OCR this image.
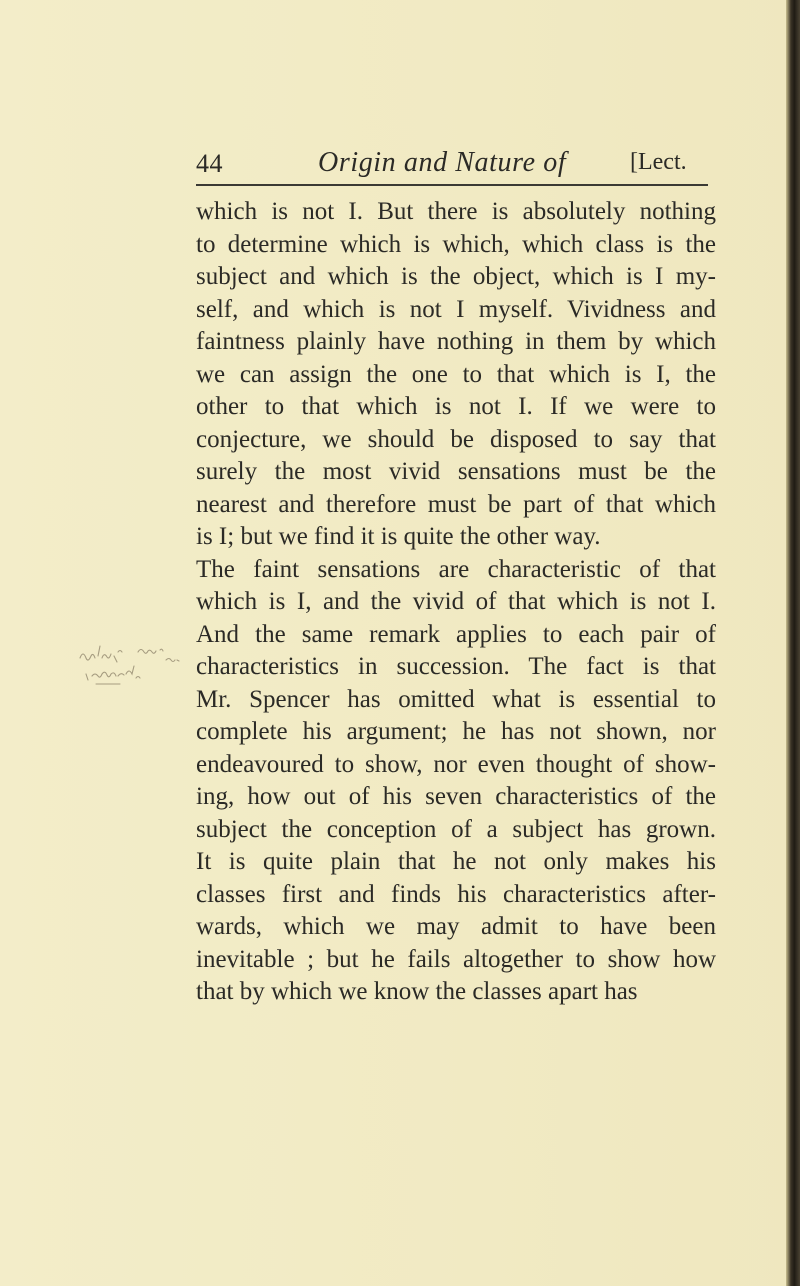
44	Origin and Nature of	[Lect.
which is not I. But there is absolutely nothing
to determine which is which, which class is the
subject and which is the object, which is I my-
self, and which is not I myself. Vividness and
faintness plainly have nothing in them by which
we can assign the one to that which is I, the
other to that which is not I. If we were to
conjecture, we should be disposed to say that
surely the most vivid sensations must be the
nearest and therefore must be part of that which
is I; but we find it is quite the other way.
The faint sensations are characteristic of that
which is I, and the vivid of that which is not I.
And the same remark applies to each pair of
characteristics in succession. The fact is that
Mr. Spencer has omitted what is essential to
complete his argument; he has not shown, nor
endeavoured to show, nor even thought of show-
ing, how out of his seven characteristics of the
subject the conception of a subject has grown.
It is quite plain that he not only makes his
classes first and finds his characteristics after-
wards, which we may admit to have been
inevitable ; but he fails altogether to show how
that by which we know the classes apart has
